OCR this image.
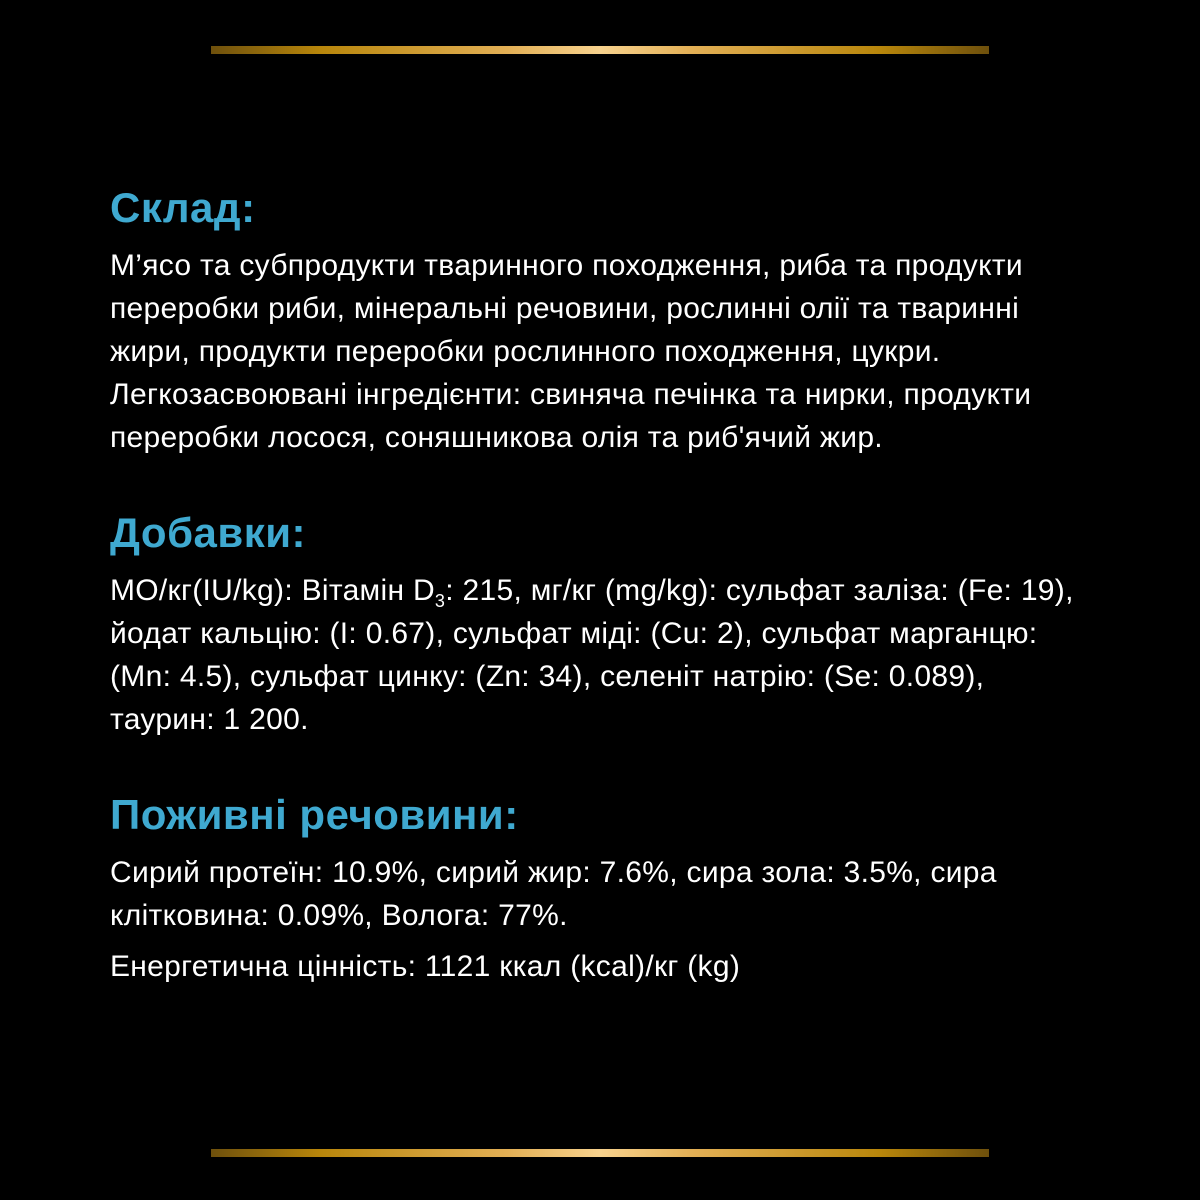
Склад:

М’ясо та субпродукти тваринного походження, риба та продукти переробки риби, мінеральні речовини, рослинні олії та тваринні жири, продукти переробки рослинного походження, цукри.

Легкозасвоювані інгредієнти: свиняча печінка та нирки, продукти переробки лосося, соняшникова олія та риб'ячий жир.

Добавки:

МО/кг(IU/kg): Вітамін $D_3$: 215, мг/кг (mg/kg): сульфат заліза: (Fe: 19), йодат кальцію: (I: 0.67), сульфат міді: (Cu: 2), сульфат марганцю: (Mn: 4.5), сульфат цинку: (Zn: 34), селеніт натрію: (Se: 0.089), таурин: 1 200.

Поживні речовини:

Сирий протеїн: 10.9%, сирий жир: 7.6%, сира зола: 3.5%, сира клітковина: 0.09%, Волога: 77%.

Енергетична цінність: 1121 ккал (kcal)/кг (kg)
